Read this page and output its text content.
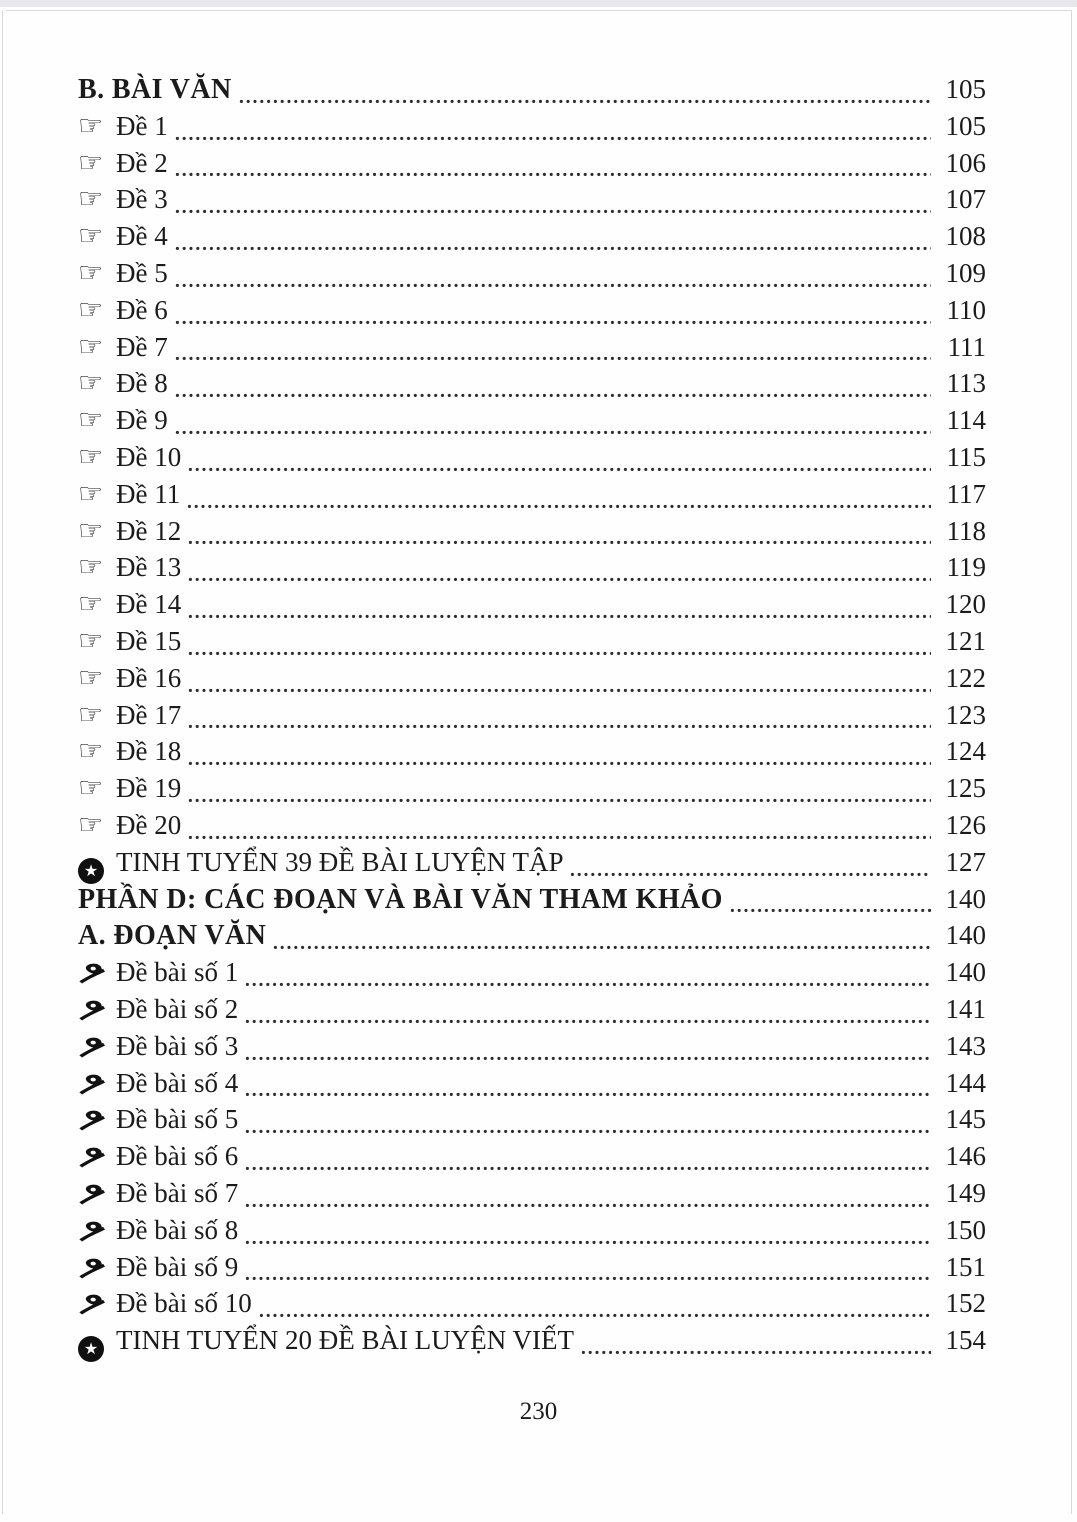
B. BÀI VĂN	105
☞ Đề 1	105
☞ Đề 2	106
☞ Đề 3	107
☞ Đề 4	108
☞ Đề 5	109
☞ Đề 6	110
☞ Đề 7	111
☞ Đề 8	113
☞ Đề 9	114
☞ Đề 10	115
☞ Đề 11	117
☞ Đề 12	118
☞ Đề 13	119
☞ Đề 14	120
☞ Đề 15	121
☞ Đề 16	122
☞ Đề 17	123
☞ Đề 18	124
☞ Đề 19	125
☞ Đề 20	126
★ TINH TUYỂN 39 ĐỀ BÀI LUYỆN TẬP	127
PHẦN D: CÁC ĐOẠN VÀ BÀI VĂN THAM KHẢO	140
A. ĐOẠN VĂN	140
Đề bài số 1	140
Đề bài số 2	141
Đề bài số 3	143
Đề bài số 4	144
Đề bài số 5	145
Đề bài số 6	146
Đề bài số 7	149
Đề bài số 8	150
Đề bài số 9	151
Đề bài số 10	152
★ TINH TUYỂN 20 ĐỀ BÀI LUYỆN VIẾT	154
230
